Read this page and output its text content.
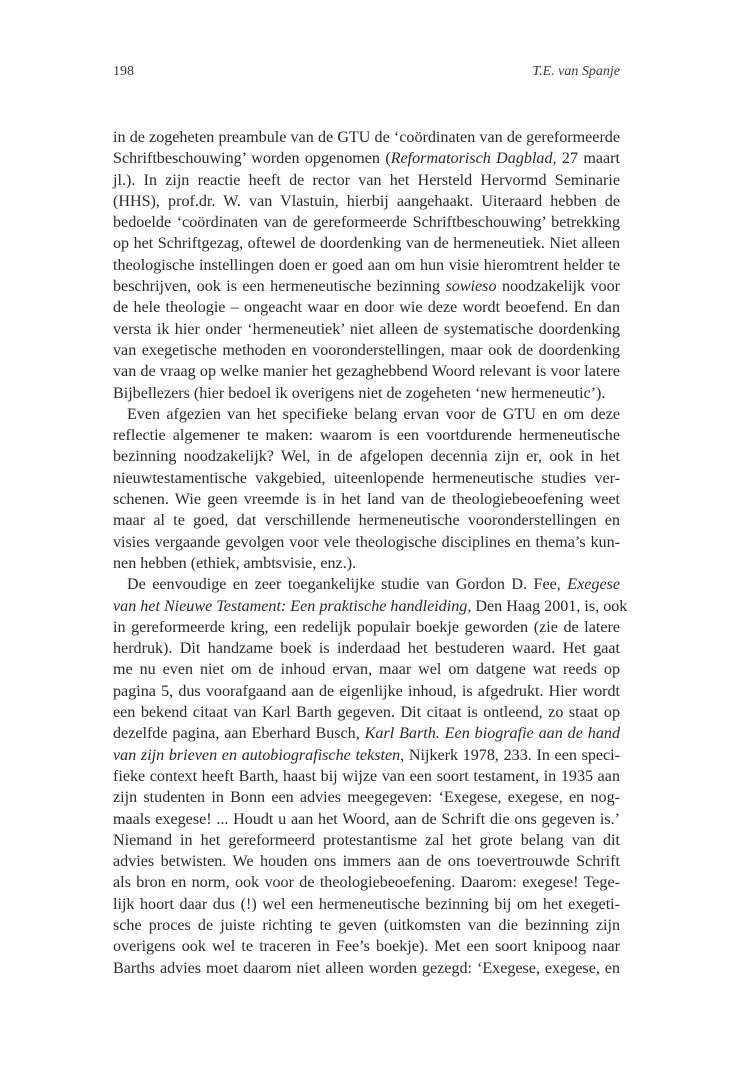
198	T.E. van Spanje
in de zogeheten preambule van de GTU de ‘coördinaten van de gereformeerde
Schriftbeschouwing’ worden opgenomen (Reformatorisch Dagblad, 27 maart
jl.). In zijn reactie heeft de rector van het Hersteld Hervormd Seminarie
(HHS), prof.dr. W. van Vlastuin, hierbij aangehaakt. Uiteraard hebben de
bedoelde ‘coördinaten van de gereformeerde Schriftbeschouwing’ betrekking
op het Schriftgezag, oftewel de doordenking van de hermeneutiek. Niet alleen
theologische instellingen doen er goed aan om hun visie hieromtrent helder te
beschrijven, ook is een hermeneutische bezinning sowieso noodzakelijk voor
de hele theologie – ongeacht waar en door wie deze wordt beoefend. En dan
versta ik hier onder ‘hermeneutiek’ niet alleen de systematische doordenking
van exegetische methoden en vooronderstellingen, maar ook de doordenking
van de vraag op welke manier het gezaghebbend Woord relevant is voor latere
Bijbellezers (hier bedoel ik overigens niet de zogeheten ‘new hermeneutic’).
Even afgezien van het specifieke belang ervan voor de GTU en om deze
reflectie algemener te maken: waarom is een voortdurende hermeneutische
bezinning noodzakelijk? Wel, in de afgelopen decennia zijn er, ook in het
nieuwtestamentische vakgebied, uiteenlopende hermeneutische studies ver-
schenen. Wie geen vreemde is in het land van de theologiebeoefening weet
maar al te goed, dat verschillende hermeneutische vooronderstellingen en
visies vergaande gevolgen voor vele theologische disciplines en thema’s kun-
nen hebben (ethiek, ambtsvisie, enz.).
De eenvoudige en zeer toegankelijke studie van Gordon D. Fee, Exegese
van het Nieuwe Testament: Een praktische handleiding, Den Haag 2001, is, ook
in gereformeerde kring, een redelijk populair boekje geworden (zie de latere
herdruk). Dit handzame boek is inderdaad het bestuderen waard. Het gaat
me nu even niet om de inhoud ervan, maar wel om datgene wat reeds op
pagina 5, dus voorafgaand aan de eigenlijke inhoud, is afgedrukt. Hier wordt
een bekend citaat van Karl Barth gegeven. Dit citaat is ontleend, zo staat op
dezelfde pagina, aan Eberhard Busch, Karl Barth. Een biografie aan de hand
van zijn brieven en autobiografische teksten, Nijkerk 1978, 233. In een speci-
fieke context heeft Barth, haast bij wijze van een soort testament, in 1935 aan
zijn studenten in Bonn een advies meegegeven: ‘Exegese, exegese, en nog-
maals exegese! ... Houdt u aan het Woord, aan de Schrift die ons gegeven is.’
Niemand in het gereformeerd protestantisme zal het grote belang van dit
advies betwisten. We houden ons immers aan de ons toevertrouwde Schrift
als bron en norm, ook voor de theologiebeoefening. Daarom: exegese! Tege-
lijk hoort daar dus (!) wel een hermeneutische bezinning bij om het exegeti-
sche proces de juiste richting te geven (uitkomsten van die bezinning zijn
overigens ook wel te traceren in Fee’s boekje). Met een soort knipoog naar
Barths advies moet daarom niet alleen worden gezegd: ‘Exegese, exegese, en
